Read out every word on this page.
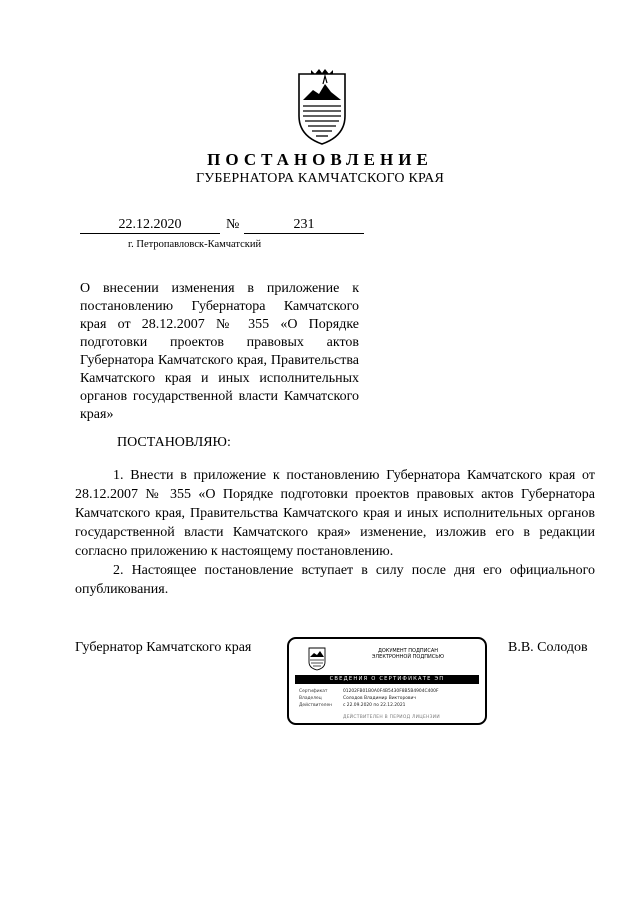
ПОСТАНОВЛЕНИЕ
ГУБЕРНАТОРА КАМЧАТСКОГО КРАЯ
22.12.2020	№	231
г. Петропавловск-Камчатский
О внесении изменения в приложение к постановлению Губернатора Камчатского края от 28.12.2007 № 355 «О Порядке подготовки проектов правовых актов Губернатора Камчатского края, Правительства Камчатского края и иных исполнительных органов государственной власти Камчатского края»
ПОСТАНОВЛЯЮ:

1. Внести в приложение к постановлению Губернатора Камчатского края от 28.12.2007 № 355 «О Порядке подготовки проектов правовых актов Губернатора Камчатского края, Правительства Камчатского края и иных исполнительных органов государственной власти Камчатского края» изменение, изложив его в редакции согласно приложению к настоящему постановлению.

2. Настоящее постановление вступает в силу после дня его официального опубликования.

Губернатор Камчатского края	В.В. Солодов
ДОКУМЕНТ ПОДПИСАН
ЭЛЕКТРОННОЙ ПОДПИСЬЮ
СВЕДЕНИЯ О СЕРТИФИКАТЕ ЭП
Сертификат	01202FB01B0A0F4B5430F8B5B4904C400F
Владелец	Солодов Владимир Викторович
Действителен	с 22.09.2020 по 22.12.2021
ДЕЙСТВИТЕЛЕН В ПЕРИОД ЛИЦЕНЗИИ
